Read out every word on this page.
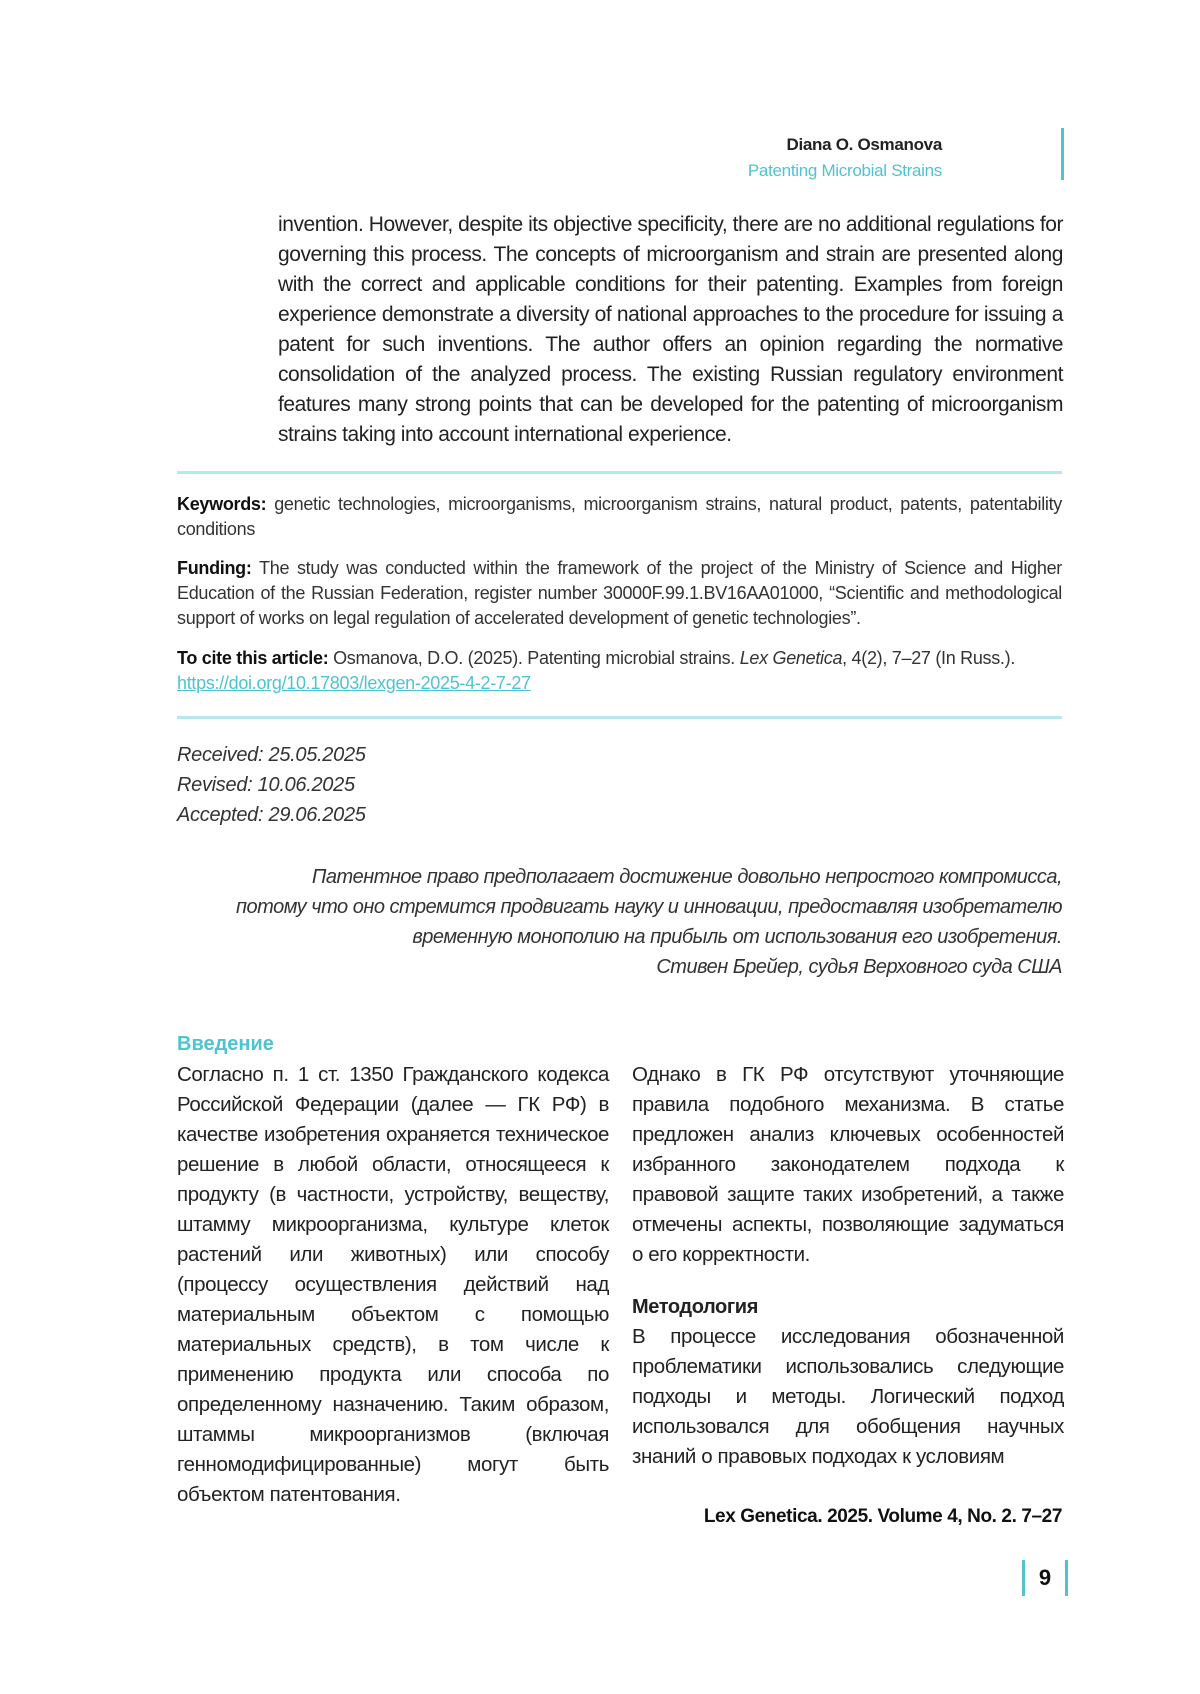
Diana O. Osmanova
Patenting Microbial Strains
invention. However, despite its objective specificity, there are no additional regulations for governing this process. The concepts of microorganism and strain are presented along with the correct and applicable conditions for their patenting. Examples from foreign experience demonstrate a diversity of national approaches to the procedure for issuing a patent for such inventions. The author offers an opinion regarding the normative consolidation of the analyzed process. The existing Russian regulatory environment features many strong points that can be developed for the patenting of microorganism strains taking into account international experience.
Keywords: genetic technologies, microorganisms, microorganism strains, natural product, patents, patentability conditions
Funding: The study was conducted within the framework of the project of the Ministry of Science and Higher Education of the Russian Federation, register number 30000F.99.1.BV16AA01000, “Scientific and methodological support of works on legal regulation of accelerated development of genetic technologies”.
To cite this article: Osmanova, D.O. (2025). Patenting microbial strains. Lex Genetica, 4(2), 7–27 (In Russ.).
https://doi.org/10.17803/lexgen-2025-4-2-7-27
Received: 25.05.2025
Revised: 10.06.2025
Accepted: 29.06.2025
Патентное право предполагает достижение довольно непростого компромисса,
потому что оно стремится продвигать науку и инновации, предоставляя изобретателю
временную монополию на прибыль от использования его изобретения.
Стивен Брейер, судья Верховного суда США
Введение

Согласно п. 1 ст. 1350 Гражданского кодекса Российской Федерации (далее — ГК РФ) в качестве изобретения охраняется техническое решение в любой области, относящееся к продукту (в частности, устройству, веществу, штамму микроорганизма, культуре клеток растений или животных) или способу (процессу осуществления действий над материальным объектом с помощью материальных средств), в том числе к применению продукта или способа по определенному назначению. Таким образом, штаммы микроорганизмов (включая генномодифицированные) могут быть объектом патентования.

Однако в ГК РФ отсутствуют уточняющие правила подобного механизма. В статье предложен анализ ключевых особенностей избранного законодателем подхода к правовой защите таких изобретений, а также отмечены аспекты, позволяющие задуматься о его корректности.

Методология

В процессе исследования обозначенной проблематики использовались следующие подходы и методы. Логический подход использовался для обобщения научных знаний о правовых подходах к условиям

Lex Genetica. 2025. Volume 4, No. 2. 7–27
9
